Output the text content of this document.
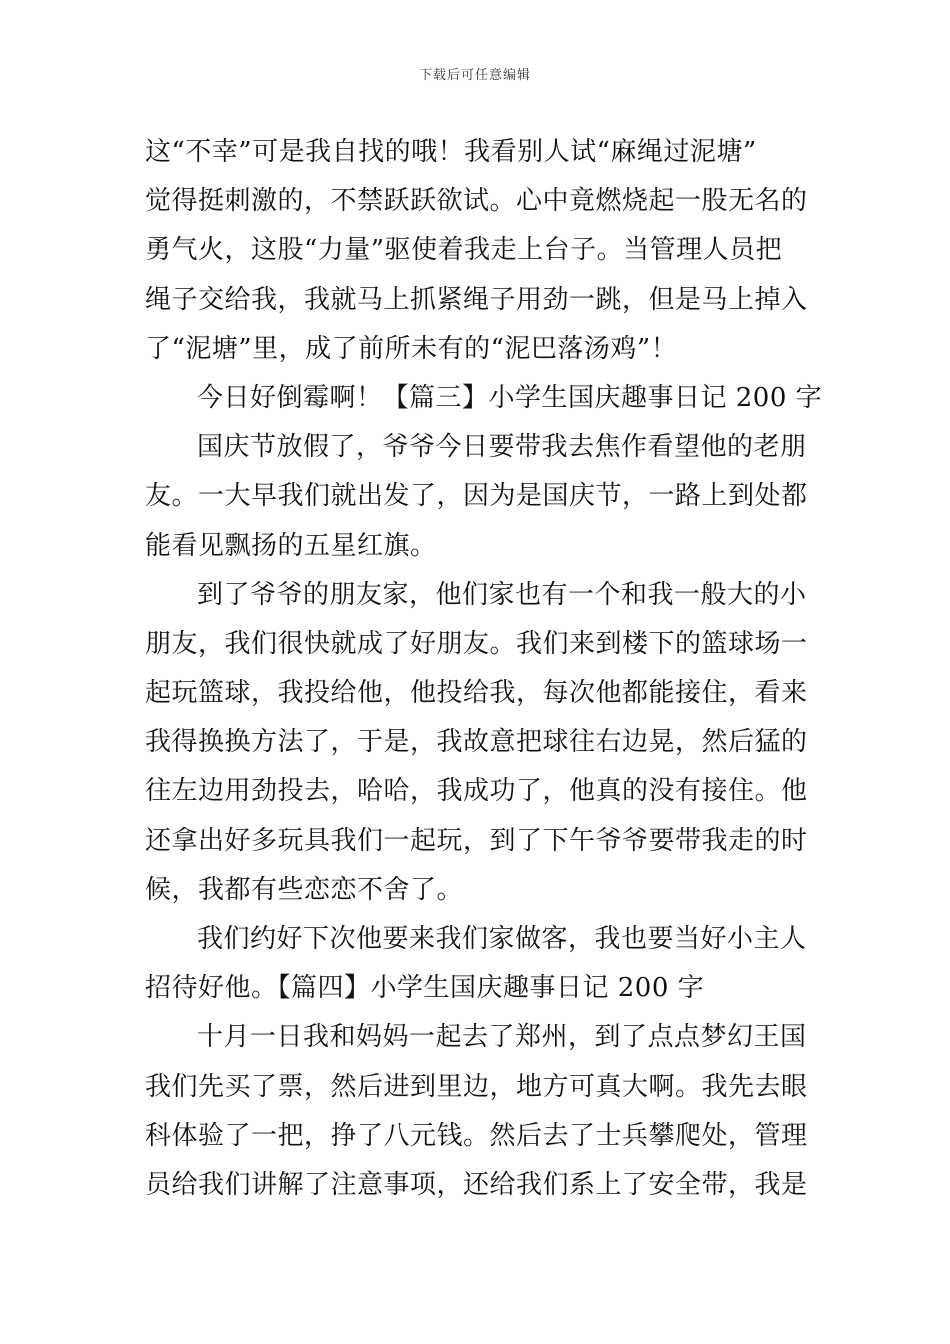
下载后可任意编辑
这“不幸”可是我自找的哦！我看别人试“麻绳过泥塘”
觉得挺刺激的，不禁跃跃欲试。心中竟燃烧起一股无名的
勇气火，这股“力量”驱使着我走上台子。当管理人员把
绳子交给我，我就马上抓紧绳子用劲一跳，但是马上掉入
了“泥塘”里，成了前所未有的“泥巴落汤鸡”！
今日好倒霉啊！【篇三】小学生国庆趣事日记 200 字
国庆节放假了，爷爷今日要带我去焦作看望他的老朋
友。一大早我们就出发了，因为是国庆节，一路上到处都
能看见飘扬的五星红旗。
到了爷爷的朋友家，他们家也有一个和我一般大的小
朋友，我们很快就成了好朋友。我们来到楼下的篮球场一
起玩篮球，我投给他，他投给我，每次他都能接住，看来
我得换换方法了，于是，我故意把球往右边晃，然后猛的
往左边用劲投去，哈哈，我成功了，他真的没有接住。他
还拿出好多玩具我们一起玩，到了下午爷爷要带我走的时
候，我都有些恋恋不舍了。
我们约好下次他要来我们家做客，我也要当好小主人
招待好他。【篇四】小学生国庆趣事日记 200 字
十月一日我和妈妈一起去了郑州，到了点点梦幻王国
我们先买了票，然后进到里边，地方可真大啊。我先去眼
科体验了一把，挣了八元钱。然后去了士兵攀爬处，管理
员给我们讲解了注意事项，还给我们系上了安全带，我是
